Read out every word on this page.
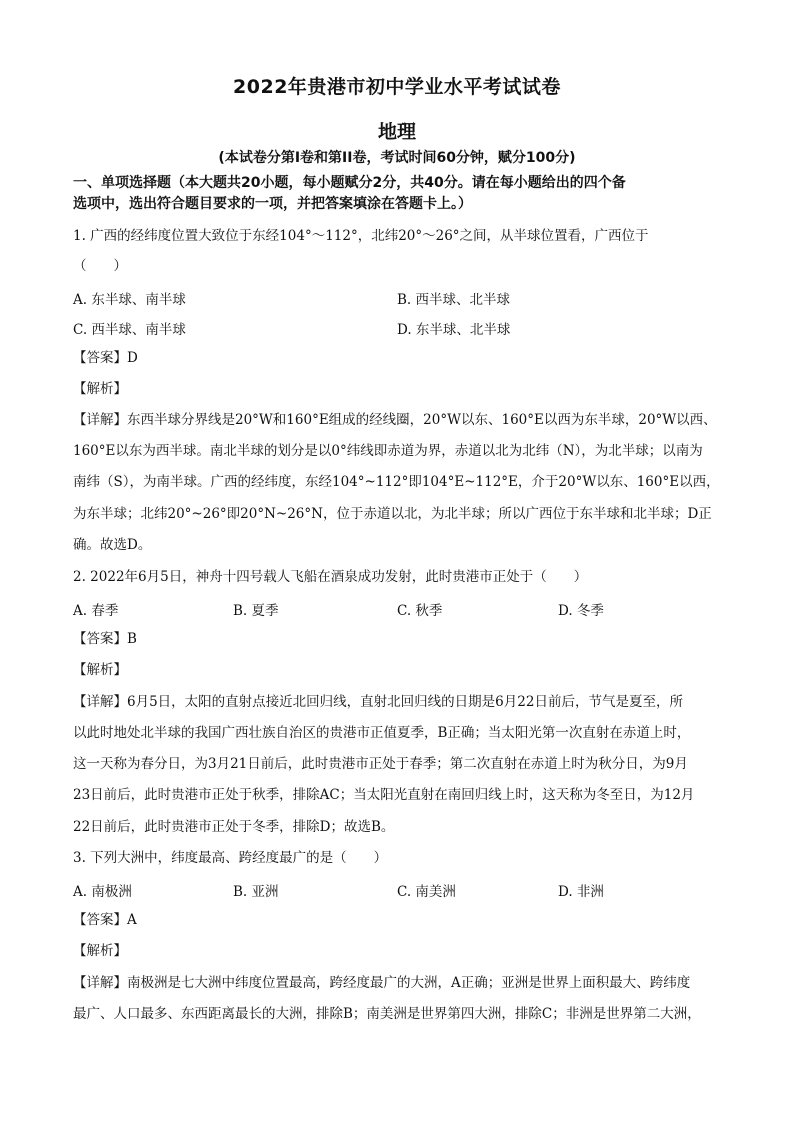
2022年贵港市初中学业水平考试试卷
地理
(本试卷分第I卷和第II卷，考试时间60分钟，赋分100分)
一、单项选择题（本大题共20小题，每小题赋分2分，共40分。请在每小题给出的四个备
选项中，选出符合题目要求的一项，并把答案填涂在答题卡上。）
1. 广西的经纬度位置大致位于东经104°～112°，北纬20°～26°之间，从半球位置看，广西位于
（　　）
A. 东半球、南半球	B. 西半球、北半球
C. 西半球、南半球	D. 东半球、北半球
【答案】D
【解析】
【详解】东西半球分界线是20°W和160°E组成的经线圈，20°W以东、160°E以西为东半球，20°W以西、
160°E以东为西半球。南北半球的划分是以0°纬线即赤道为界，赤道以北为北纬（N），为北半球；以南为
南纬（S），为南半球。广西的经纬度，东经104°~112°即104°E~112°E，介于20°W以东、160°E以西，
为东半球；北纬20°~26°即20°N~26°N，位于赤道以北，为北半球；所以广西位于东半球和北半球；D正
确。故选D。
2. 2022年6月5日，神舟十四号载人飞船在酒泉成功发射，此时贵港市正处于（　　）
A. 春季	B. 夏季	C. 秋季	D. 冬季
【答案】B
【解析】
【详解】6月5日，太阳的直射点接近北回归线，直射北回归线的日期是6月22日前后，节气是夏至，所
以此时地处北半球的我国广西壮族自治区的贵港市正值夏季，B正确；当太阳光第一次直射在赤道上时，
这一天称为春分日，为3月21日前后，此时贵港市正处于春季；第二次直射在赤道上时为秋分日，为9月
23日前后，此时贵港市正处于秋季，排除AC；当太阳光直射在南回归线上时，这天称为冬至日，为12月
22日前后，此时贵港市正处于冬季，排除D；故选B。
3. 下列大洲中，纬度最高、跨经度最广的是（　　）
A. 南极洲	B. 亚洲	C. 南美洲	D. 非洲
【答案】A
【解析】
【详解】南极洲是七大洲中纬度位置最高，跨经度最广的大洲，A正确；亚洲是世界上面积最大、跨纬度
最广、人口最多、东西距离最长的大洲，排除B；南美洲是世界第四大洲，排除C；非洲是世界第二大洲，
